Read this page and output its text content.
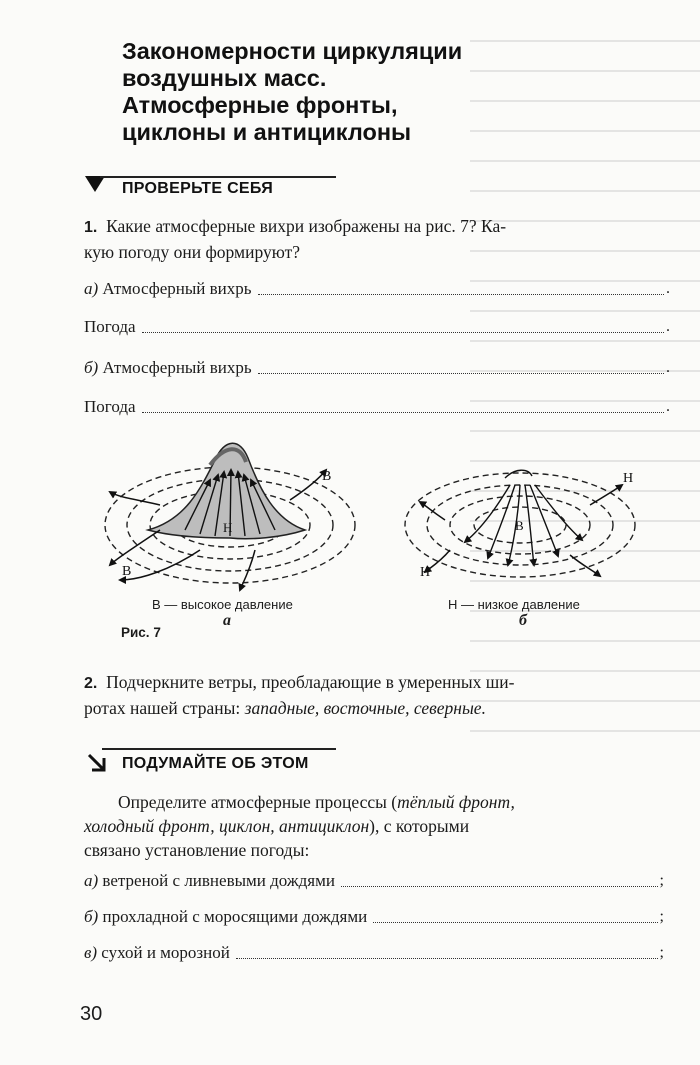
Закономерности циркуляции
воздушных масс.
Атмосферные фронты,
циклоны и антициклоны
ПРОВЕРЬТЕ СЕБЯ
1. Какие атмосферные вихри изображены на рис. 7? Ка-
кую погоду они формируют?
а)
Атмосферный вихрь	.
Погода	.
б)
Атмосферный вихрь	.
Погода	.
Н
В
В
В
Н
Н
В — высокое давление	Н — низкое давление
Рис. 7
а	б
2. Подчеркните ветры, преобладающие в умеренных ши-
ротах нашей страны: западные, восточные, северные.
ПОДУМАЙТЕ ОБ ЭТОМ
Определите атмосферные процессы (тёплый фронт,
холодный фронт, циклон, антициклон), с которыми
связано установление погоды:
а)
ветреной с ливневыми дождями	;
б)
прохладной с моросящими дождями	;
в)
сухой и морозной	;
30
